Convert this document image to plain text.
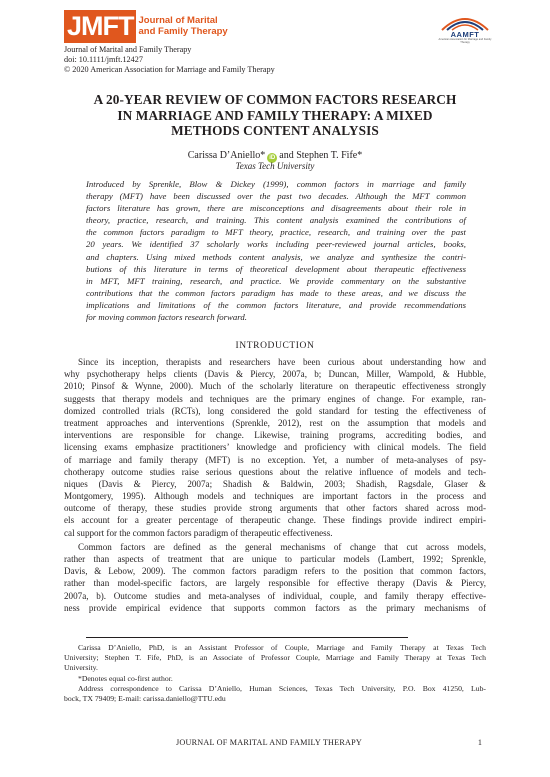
JMFT Journal of Marital
and Family Therapy	AAMFT
American Association for Marriage and Family Therapy
Journal of Marital and Family Therapy
doi: 10.1111/jmft.12427
© 2020 American Association for Marriage and Family Therapy
A 20-YEAR REVIEW OF COMMON FACTORS RESEARCH
IN MARRIAGE AND FAMILY THERAPY: A MIXED
METHODS CONTENT ANALYSIS
Carissa D’Aniello* iD and Stephen T. Fife*
Texas Tech University
Introduced by Sprenkle, Blow & Dickey (1999), common factors in marriage and family
therapy (MFT) have been discussed over the past two decades. Although the MFT common
factors literature has grown, there are misconceptions and disagreements about their role in
theory, practice, research, and training. This content analysis examined the contributions of
the common factors paradigm to MFT theory, practice, research, and training over the past
20 years. We identified 37 scholarly works including peer-reviewed journal articles, books,
and chapters. Using mixed methods content analysis, we analyze and synthesize the contri-
butions of this literature in terms of theoretical development about therapeutic effectiveness
in MFT, MFT training, research, and practice. We provide commentary on the substantive
contributions that the common factors paradigm has made to these areas, and we discuss the
implications and limitations of the common factors literature, and provide recommendations
for moving common factors research forward.
INTRODUCTION
Since its inception, therapists and researchers have been curious about understanding how and
why psychotherapy helps clients (Davis & Piercy, 2007a, b; Duncan, Miller, Wampold, & Hubble,
2010; Pinsof & Wynne, 2000). Much of the scholarly literature on therapeutic effectiveness strongly
suggests that therapy models and techniques are the primary engines of change. For example, ran-
domized controlled trials (RCTs), long considered the gold standard for testing the effectiveness of
treatment approaches and interventions (Sprenkle, 2012), rest on the assumption that models and
interventions are responsible for change. Likewise, training programs, accrediting bodies, and
licensing exams emphasize practitioners’ knowledge and proficiency with clinical models. The field
of marriage and family therapy (MFT) is no exception. Yet, a number of meta-analyses of psy-
chotherapy outcome studies raise serious questions about the relative influence of models and tech-
niques (Davis & Piercy, 2007a; Shadish & Baldwin, 2003; Shadish, Ragsdale, Glaser &
Montgomery, 1995). Although models and techniques are important factors in the process and
outcome of therapy, these studies provide strong arguments that other factors shared across mod-
els account for a greater percentage of therapeutic change. These findings provide indirect empiri-
cal support for the common factors paradigm of therapeutic effectiveness.
Common factors are defined as the general mechanisms of change that cut across models,
rather than aspects of treatment that are unique to particular models (Lambert, 1992; Sprenkle,
Davis, & Lebow, 2009). The common factors paradigm refers to the position that common factors,
rather than model-specific factors, are largely responsible for effective therapy (Davis & Piercy,
2007a, b). Outcome studies and meta-analyses of individual, couple, and family therapy effective-
ness provide empirical evidence that supports common factors as the primary mechanisms of
Carissa D’Aniello, PhD, is an Assistant Professor of Couple, Marriage and Family Therapy at Texas Tech
University; Stephen T. Fife, PhD, is an Associate of Professor Couple, Marriage and Family Therapy at Texas Tech
University.
*Denotes equal co-first author.
Address correspondence to Carissa D’Aniello, Human Sciences, Texas Tech University, P.O. Box 41250, Lub-
bock, TX 79409; E-mail: carissa.daniello@TTU.edu
JOURNAL OF MARITAL AND FAMILY THERAPY	1
